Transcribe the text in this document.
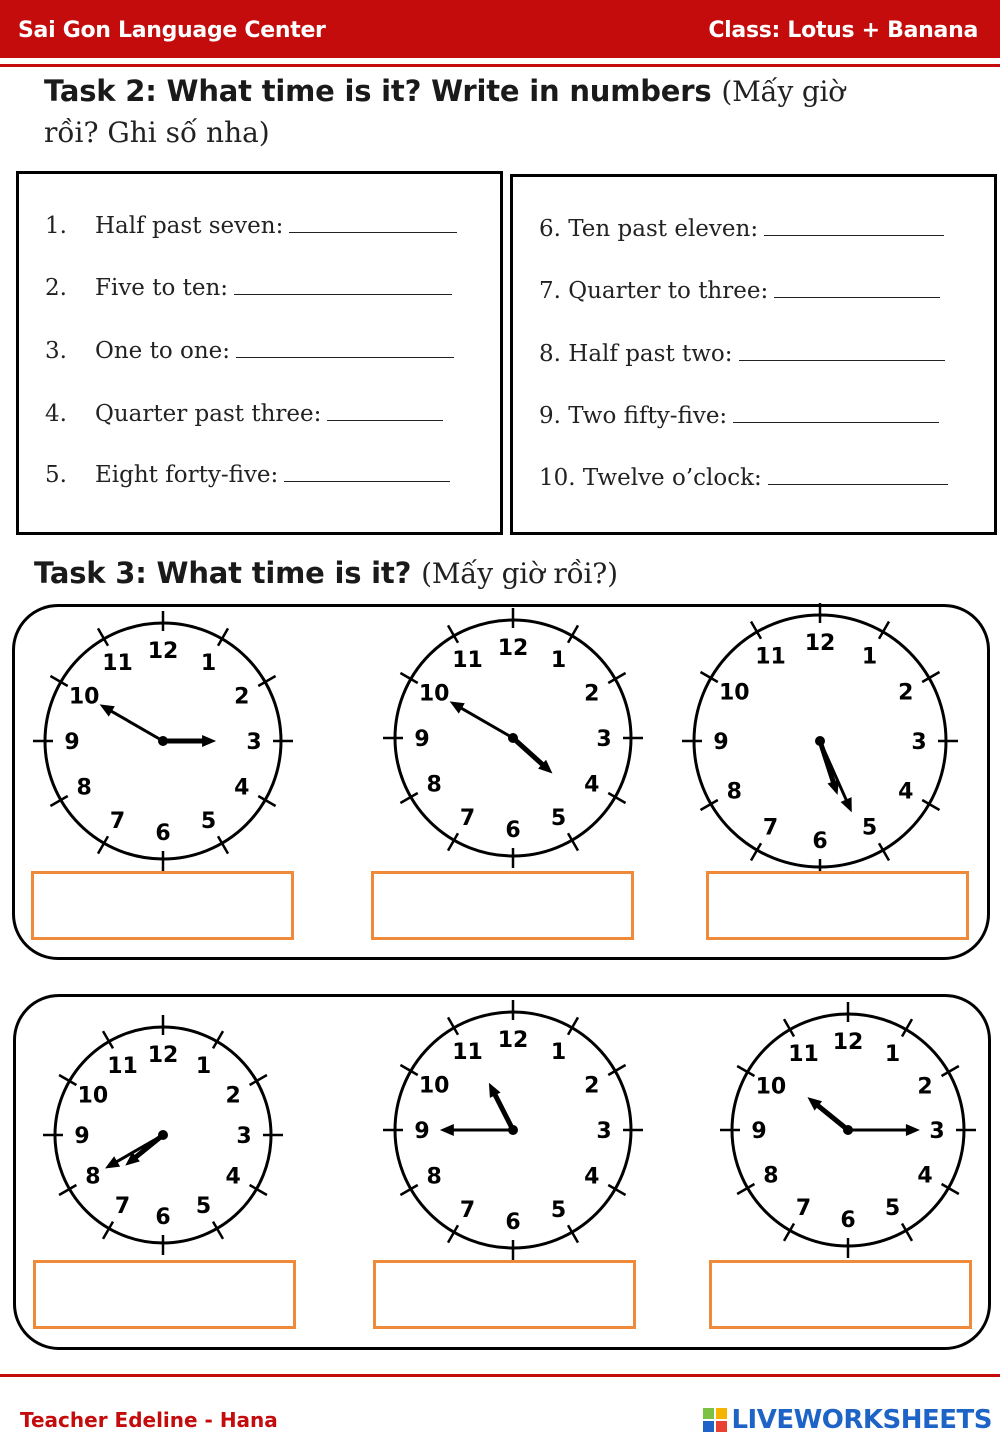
Sai Gon Language Center	Class: Lotus + Banana
Task 2: What time is it? Write in numbers (Mấy giờ
rồi? Ghi số nha)
1. Half past seven:
2. Five to ten:
3. One to one:
4. Quarter past three:
5. Eight forty-five:
6. Ten past eleven:
7. Quarter to three:
8. Half past two:
9. Two fifty-five:
10. Twelve o’clock:
Task 3: What time is it? (Mấy giờ rồi?)
12 1
2
3
4
5
6
7
8
9
10
11
12 1
2
3
4
5
6
7
8
9
10
11
12
1
2
3
4
5
6
7
8
9
10
11
12 1
2
3
4
5
6
7
8
9
10
11
12 1
2
3
4
5
6
7
8
9
10
11	12 1
2
3
4
5
6
7
8
9
10
11
Teacher Edeline - Hana	LIVEWORKSHEETS
